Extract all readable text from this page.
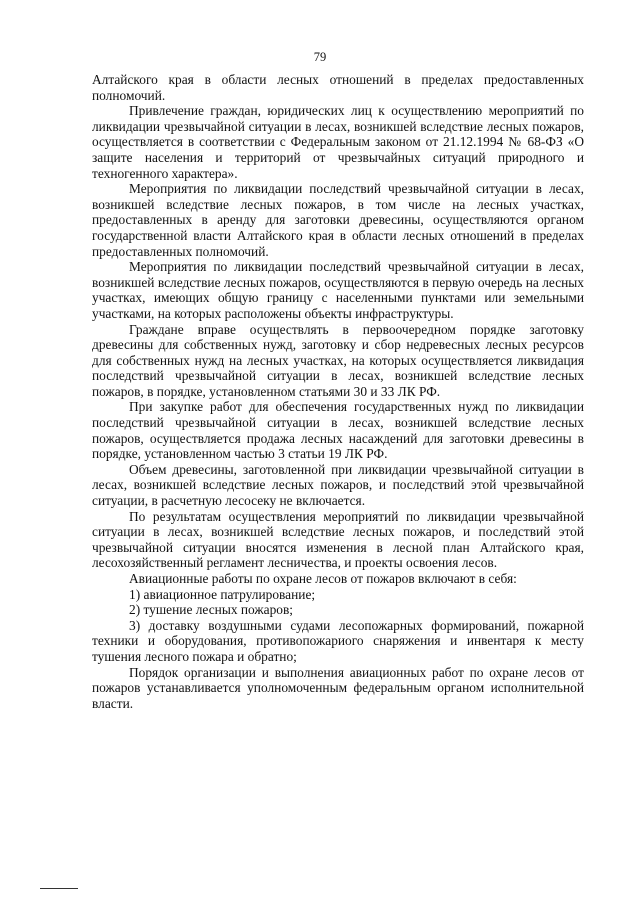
79

Алтайского края в области лесных отношений в пределах предоставленных полномочий.

Привлечение граждан, юридических лиц к осуществлению мероприятий по ликвидации чрезвычайной ситуации в лесах, возникшей вследствие лесных пожаров, осуществляется в соответствии с Федеральным законом от 21.12.1994 № 68-ФЗ «О защите населения и территорий от чрезвычайных ситуаций природного и техногенного характера».

Мероприятия по ликвидации последствий чрезвычайной ситуации в лесах, возникшей вследствие лесных пожаров, в том числе на лесных участках, предоставленных в аренду для заготовки древесины, осуществляются органом государственной власти Алтайского края в области лесных отношений в пределах предоставленных полномочий.

Мероприятия по ликвидации последствий чрезвычайной ситуации в лесах, возникшей вследствие лесных пожаров, осуществляются в первую очередь на лесных участках, имеющих общую границу с населенными пунктами или земельными участками, на которых расположены объекты инфраструктуры.

Граждане вправе осуществлять в первоочередном порядке заготовку древесины для собственных нужд, заготовку и сбор недревесных лесных ресурсов для собственных нужд на лесных участках, на которых осуществляется ликвидация последствий чрезвычайной ситуации в лесах, возникшей вследствие лесных пожаров, в порядке, установленном статьями 30 и 33 ЛК РФ.

При закупке работ для обеспечения государственных нужд по ликвидации последствий чрезвычайной ситуации в лесах, возникшей вследствие лесных пожаров, осуществляется продажа лесных насаждений для заготовки древесины в порядке, установленном частью 3 статьи 19 ЛК РФ.

Объем древесины, заготовленной при ликвидации чрезвычайной ситуации в лесах, возникшей вследствие лесных пожаров, и последствий этой чрезвычайной ситуации, в расчетную лесосеку не включается.

По результатам осуществления мероприятий по ликвидации чрезвычайной ситуации в лесах, возникшей вследствие лесных пожаров, и последствий этой чрезвычайной ситуации вносятся изменения в лесной план Алтайского края, лесохозяйственный регламент лесничества, и проекты освоения лесов.

Авиационные работы по охране лесов от пожаров включают в себя:

1) авиационное патрулирование;

2) тушение лесных пожаров;

3) доставку воздушными судами лесопожарных формирований, пожарной техники и оборудования, противопожариого снаряжения и инвентаря к месту тушения лесного пожара и обратно;

Порядок организации и выполнения авиационных работ по охране лесов от пожаров устанавливается уполномоченным федеральным органом исполнительной власти.
